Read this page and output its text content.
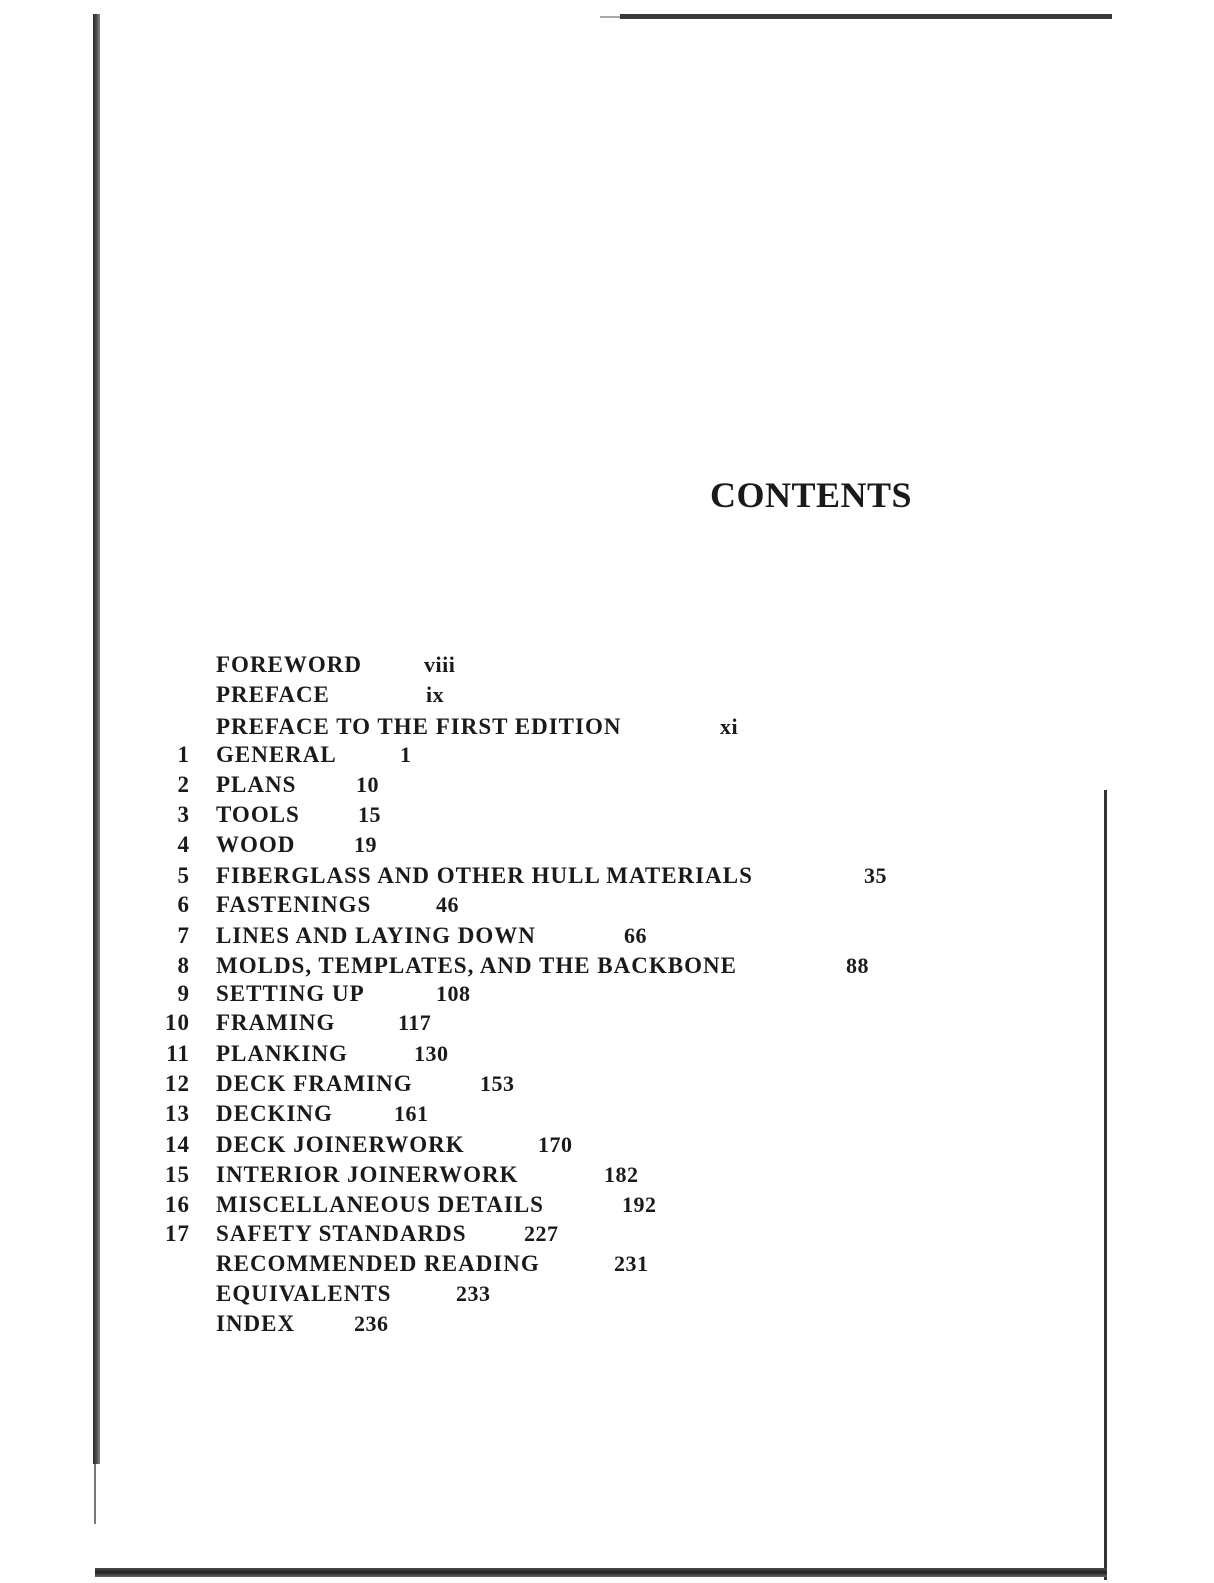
CONTENTS
FOREWORD	viii
PREFACE	ix
PREFACE TO THE FIRST EDITION	xi
1 GENERAL	1
2 PLANS	10
3 TOOLS	15
4 WOOD	19
5 FIBERGLASS AND OTHER HULL MATERIALS	35
6 FASTENINGS	46
7 LINES AND LAYING DOWN	66
8 MOLDS, TEMPLATES, AND THE BACKBONE	88
9 SETTING UP	108
10 FRAMING	117
11 PLANKING	130
12 DECK FRAMING	153
13 DECKING	161
14 DECK JOINERWORK	170
15 INTERIOR JOINERWORK	182
16 MISCELLANEOUS DETAILS	192
17 SAFETY STANDARDS	227
RECOMMENDED READING	231
EQUIVALENTS	233
INDEX	236
